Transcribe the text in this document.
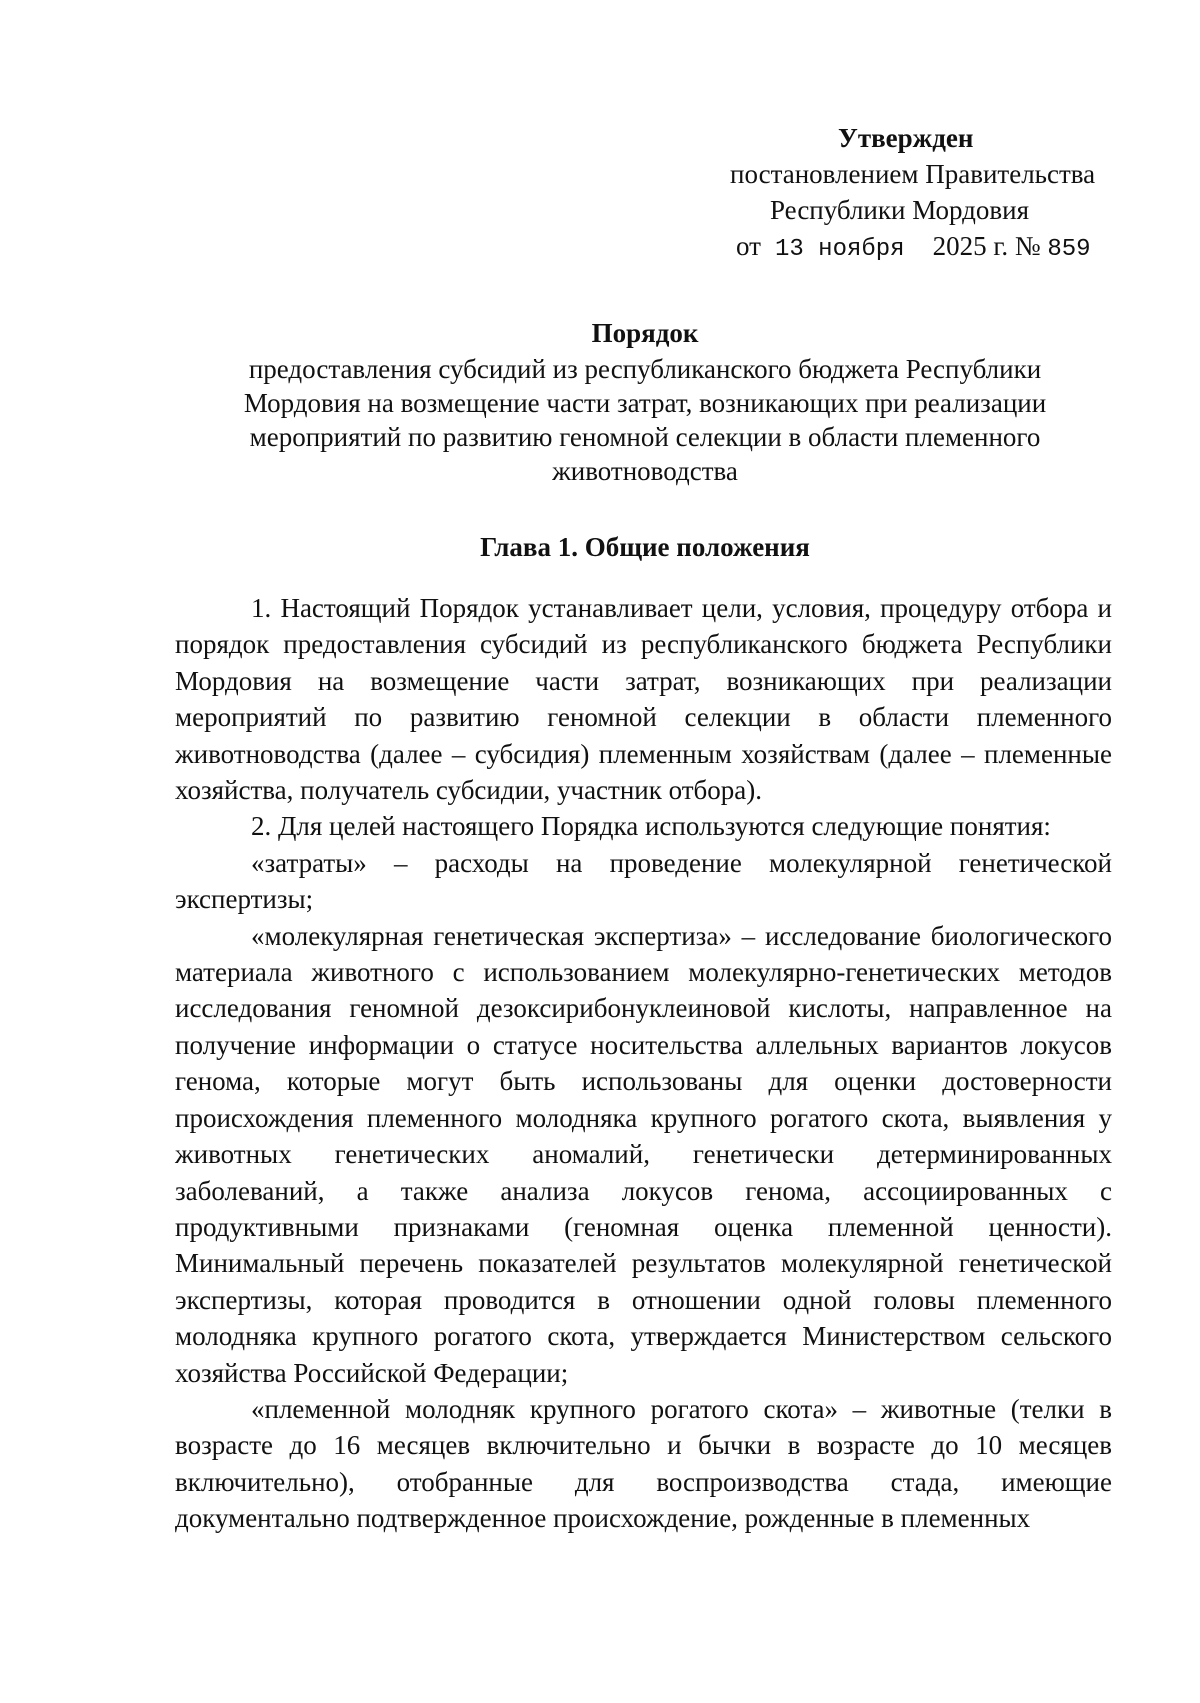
Утвержден
постановлением Правительства
Республики Мордовия
от 13 ноября 2025 г. № 859
Порядок
предоставления субсидий из республиканского бюджета Республики
Мордовия на возмещение части затрат, возникающих при реализации
мероприятий по развитию геномной селекции в области племенного
животноводства
Глава 1. Общие положения

1. Настоящий Порядок устанавливает цели, условия, процедуру отбора и порядок предоставления субсидий из республиканского бюджета Республики Мордовия на возмещение части затрат, возникающих при реализации мероприятий по развитию геномной селекции в области племенного животноводства (далее – субсидия) племенным хозяйствам (далее – племенные хозяйства, получатель субсидии, участник отбора).

2. Для целей настоящего Порядка используются следующие понятия:

«затраты» – расходы на проведение молекулярной генетической экспертизы;

«молекулярная генетическая экспертиза» – исследование биологического материала животного с использованием молекулярно-генетических методов исследования геномной дезоксирибонуклеиновой кислоты, направленное на получение информации о статусе носительства аллельных вариантов локусов генома, которые могут быть использованы для оценки достоверности происхождения племенного молодняка крупного рогатого скота, выявления у животных генетических аномалий, генетически детерминированных заболеваний, а также анализа локусов генома, ассоциированных с продуктивными признаками (геномная оценка племенной ценности). Минимальный перечень показателей результатов молекулярной генетической экспертизы, которая проводится в отношении одной головы племенного молодняка крупного рогатого скота, утверждается Министерством сельского хозяйства Российской Федерации;

«племенной молодняк крупного рогатого скота» – животные (телки в возрасте до 16 месяцев включительно и бычки в возрасте до 10 месяцев включительно), отобранные для воспроизводства стада, имеющие документально подтвержденное происхождение, рожденные в племенных
